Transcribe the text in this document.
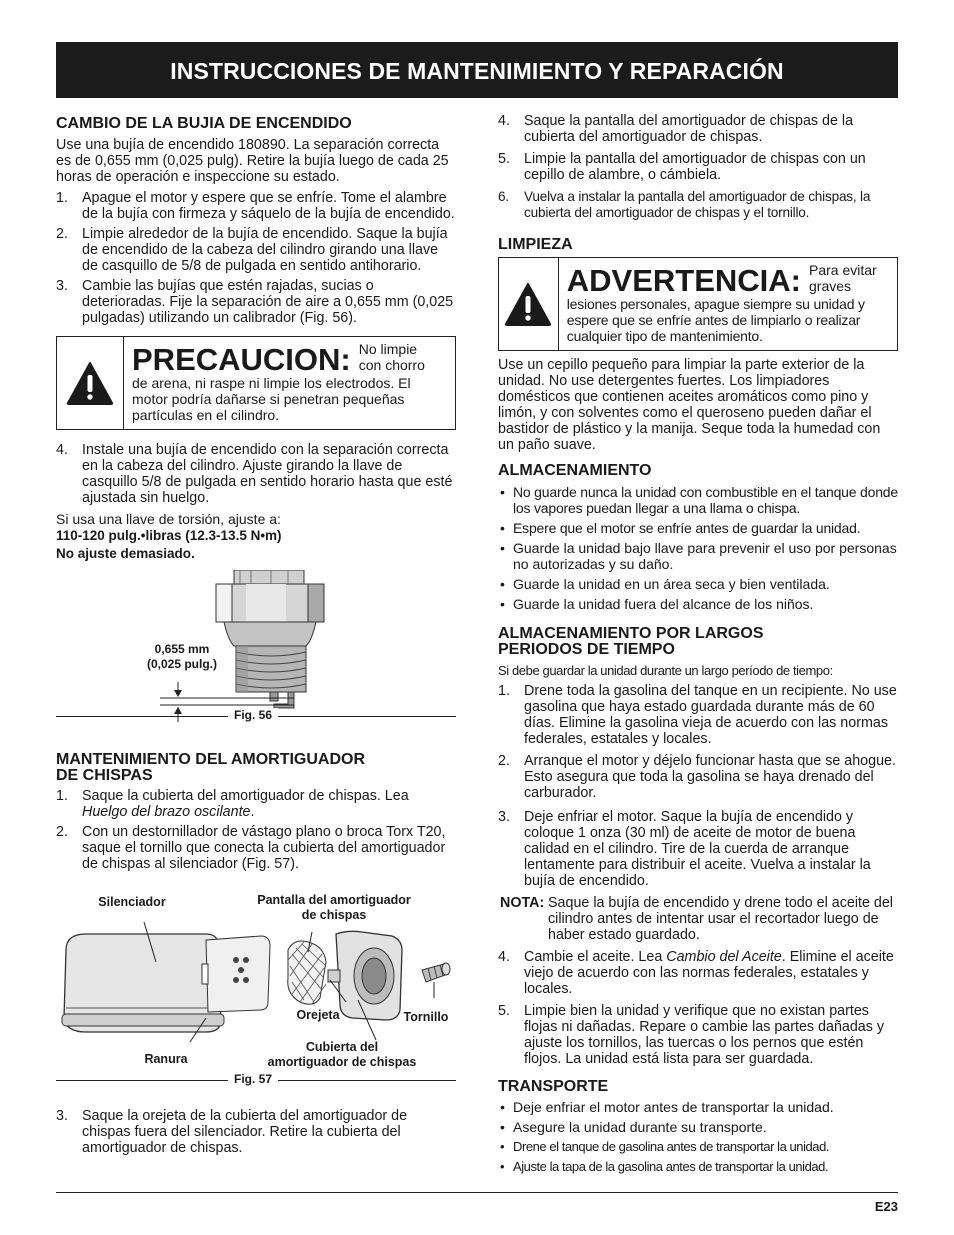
INSTRUCCIONES DE MANTENIMIENTO Y REPARACIÓN
CAMBIO DE LA BUJIA DE ENCENDIDO

Use una bujía de encendido 180890. La separación correcta es de 0,655 mm (0,025 pulg). Retire la bujía luego de cada 25 horas de operación e inspeccione su estado.

1. Apague el motor y espere que se enfríe. Tome el alambre de la bujía con firmeza y sáquelo de la bujía de encendido.
2. Limpie alrededor de la bujía de encendido. Saque la bujía de encendido de la cabeza del cilindro girando una llave de casquillo de 5/8 de pulgada en sentido antihorario.
3. Cambie las bujías que estén rajadas, sucias o deterioradas. Fije la separación de aire a 0,655 mm (0,025 pulgadas) utilizando un calibrador (Fig. 56).
PRECAUCION: No limpie con chorro
de arena, ni raspe ni limpie los electrodos. El motor podría dañarse si penetran pequeñas partículas en el cilindro.
4. Instale una bujía de encendido con la separación correcta en la cabeza del cilindro. Ajuste girando la llave de casquillo 5/8 de pulgada en sentido horario hasta que esté ajustada sin huelgo.

Si usa una llave de torsión, ajuste a:

110-120 pulg.•libras (12.3-13.5 N•m)

No ajuste demasiado.

0,655 mm
(0,025 pulg.)
Fig. 56
MANTENIMIENTO DEL AMORTIGUADOR
DE CHISPAS
1. Saque la cubierta del amortiguador de chispas. Lea
Huelgo del brazo oscilante.
2. Con un destornillador de vástago plano o broca Torx T20, saque el tornillo que conecta la cubierta del amortiguador de chispas al silenciador (Fig. 57).
Silenciador	Pantalla del amortiguador
de chispas
Orejeta	Tornillo
Ranura
Cubierta del
amortiguador de chispas
Fig. 57
3. Saque la orejeta de la cubierta del amortiguador de chispas fuera del silenciador. Retire la cubierta del amortiguador de chispas.
4. Saque la pantalla del amortiguador de chispas de la cubierta del amortiguador de chispas.
5. Limpie la pantalla del amortiguador de chispas con un cepillo de alambre, o cámbiela.
6. Vuelva a instalar la pantalla del amortiguador de chispas, la cubierta del amortiguador de chispas y el tornillo.
LIMPIEZA
ADVERTENCIA: Para evitar graves
lesiones personales, apague siempre su unidad y espere que se enfríe antes de limpiarlo o realizar cualquier tipo de mantenimiento.

Use un cepillo pequeño para limpiar la parte exterior de la unidad. No use detergentes fuertes. Los limpiadores domésticos que contienen aceites aromáticos como pino y limón, y con solventes como el queroseno pueden dañar el bastidor de plástico y la manija. Seque toda la humedad con un paño suave.

ALMACENAMIENTO
• No guarde nunca la unidad con combustible en el tanque donde los vapores puedan llegar a una llama o chispa.
• Espere que el motor se enfríe antes de guardar la unidad.
• Guarde la unidad bajo llave para prevenir el uso por personas no autorizadas y su daño.
• Guarde la unidad en un área seca y bien ventilada.
• Guarde la unidad fuera del alcance de los niños.
ALMACENAMIENTO POR LARGOS
PERIODOS DE TIEMPO

Si debe guardar la unidad durante un largo período de tiempo:

1. Drene toda la gasolina del tanque en un recipiente. No use gasolina que haya estado guardada durante más de 60 días. Elimine la gasolina vieja de acuerdo con las normas federales, estatales y locales.
2. Arranque el motor y déjelo funcionar hasta que se ahogue. Esto asegura que toda la gasolina se haya drenado del carburador.
3. Deje enfriar el motor. Saque la bujía de encendido y coloque 1 onza (30 ml) de aceite de motor de buena calidad en el cilindro. Tire de la cuerda de arranque lentamente para distribuir el aceite. Vuelva a instalar la bujía de encendido.
NOTA: Saque la bujía de encendido y drene todo el aceite del cilindro antes de intentar usar el recortador luego de haber estado guardado.
4. Cambie el aceite. Lea Cambio del Aceite. Elimine el aceite viejo de acuerdo con las normas federales, estatales y locales.
5. Limpie bien la unidad y verifique que no existan partes flojas ni dañadas. Repare o cambie las partes dañadas y ajuste los tornillos, las tuercas o los pernos que estén flojos. La unidad está lista para ser guardada.
TRANSPORTE
• Deje enfriar el motor antes de transportar la unidad.
• Asegure la unidad durante su transporte.
• Drene el tanque de gasolina antes de transportar la unidad.
• Ajuste la tapa de la gasolina antes de transportar la unidad.
E23
